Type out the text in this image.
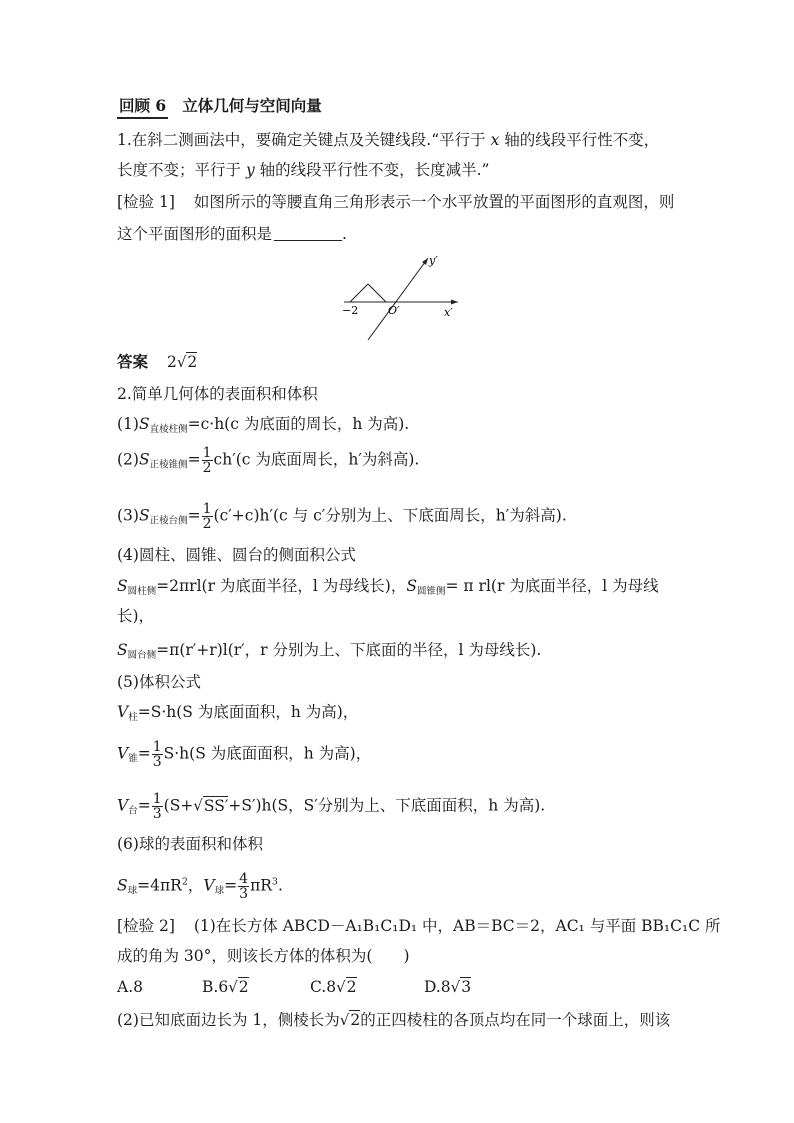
回顾 6 立体几何与空间向量
1.在斜二测画法中，要确定关键点及关键线段.“平行于 x 轴的线段平行性不变，
长度不变；平行于 y 轴的线段平行性不变，长度减半.”
[检验 1] 如图所示的等腰直角三角形表示一个水平放置的平面图形的直观图，则
这个平面图形的面积是	.
−2	O′	x′
y′
答案 2√2
2.简单几何体的表面积和体积
$(1)S_{直棱柱侧}=c\cdot h(c$ 为底面的周长，h 为高).
$(2)S_{正棱锥侧}= \frac{1}{2} ch'(c$ 为底面周长，h′为斜高).
$(3)S_{正棱台侧}= \frac{1}{2} (c'+c)h'(c$ 与 c′分别为上、下底面周长，h′为斜高).
(4)圆柱、圆锥、圆台的侧面积公式
$S_{圆柱侧}=2\pi rl(r$ 为底面半径，l 为母线长)，$S_{圆锥侧}= \pi$ rl(r 为底面半径，l 为母线
长)，
$S_{圆台侧}=\pi(r'+r)l(r'$，r 分别为上、下底面的半径，l 为母线长).
(5)体积公式
$V_柱=S\cdot h(S$ 为底面面积，h 为高)，
$V_锥= \frac{1}{3} S\cdot h(S$ 为底面面积，h 为高)，
$V_台= \frac{1}{3} (S+√SS'+S')h(S$，S′分别为上、下底面面积，h 为高).
(6)球的表面积和体积
$S_球=4\pi R^2$，$V_球= \frac{4}{3} \pi R^3$.
[检验 2] (1)在长方体 ABCD－A₁B₁C₁D₁ 中，AB＝BC＝2，AC₁ 与平面 BB₁C₁C 所
成的角为 30°，则该长方体的体积为(　　)
A.8	B.6√2	C.8√2	D.8√3
(2)已知底面边长为 1，侧棱长为√2的正四棱柱的各顶点均在同一个球面上，则该
